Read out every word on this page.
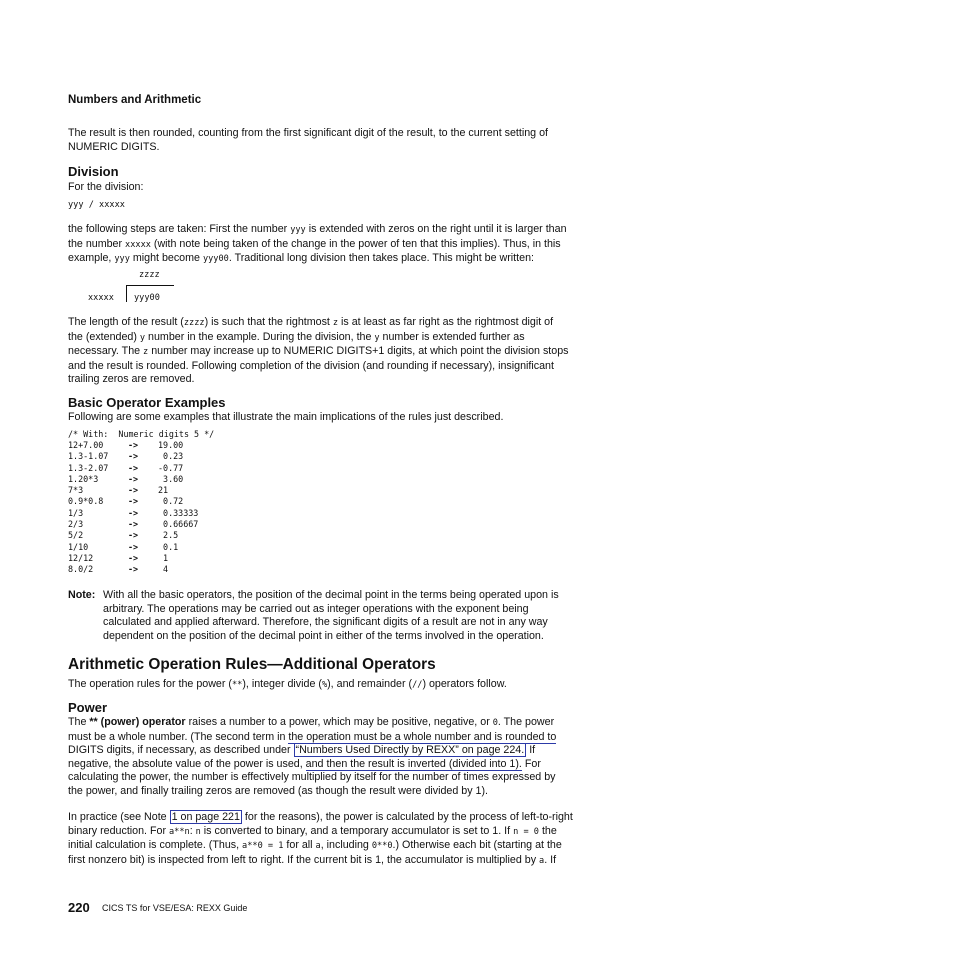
Numbers and Arithmetic
The result is then rounded, counting from the first significant digit of the result, to the current setting of
NUMERIC DIGITS.
Division
For the division:
yyy / xxxxx
the following steps are taken: First the number yyy is extended with zeros on the right until it is larger than
the number xxxxx (with note being taken of the change in the power of ten that this implies). Thus, in this
example, yyy might become yyy00. Traditional long division then takes place. This might be written:
zzzz
xxxxx yyy00
The length of the result (zzzz) is such that the rightmost z is at least as far right as the rightmost digit of
the (extended) y number in the example. During the division, the y number is extended further as
necessary. The z number may increase up to NUMERIC DIGITS+1 digits, at which point the division stops
and the result is rounded. Following completion of the division (and rounding if necessary), insignificant
trailing zeros are removed.
Basic Operator Examples
Following are some examples that illustrate the main implications of the rules just described.
/* With:  Numeric digits 5 */
12+7.00	-> 19.00
1.3-1.07 -> 0.23
1.3-2.07 -> -0.77
1.20*3	-> 3.60
7*3	-> 21
0.9*0.8	-> 0.72
1/3	-> 0.33333
2/3	-> 0.66667
5/2	-> 2.5
1/10	-> 0.1
12/12	-> 1
8.0/2	-> 4
Note: With all the basic operators, the position of the decimal point in the terms being operated upon is
arbitrary. The operations may be carried out as integer operations with the exponent being
calculated and applied afterward. Therefore, the significant digits of a result are not in any way
dependent on the position of the decimal point in either of the terms involved in the operation.
Arithmetic Operation Rules—Additional Operators
The operation rules for the power (**), integer divide (%), and remainder (//) operators follow.
Power
The ** (power) operator raises a number to a power, which may be positive, negative, or 0. The power
must be a whole number. (The second term in the operation must be a whole number and is rounded to
DIGITS digits, if necessary, as described under “Numbers Used Directly by REXX” on page 224. If
negative, the absolute value of the power is used, and then the result is inverted (divided into 1). For
calculating the power, the number is effectively multiplied by itself for the number of times expressed by
the power, and finally trailing zeros are removed (as though the result were divided by 1).
In practice (see Note 1 on page 221 for the reasons), the power is calculated by the process of left-to-right
binary reduction. For a**n: n is converted to binary, and a temporary accumulator is set to 1. If n = 0 the
initial calculation is complete. (Thus, a**0 = 1 for all a, including 0**0.) Otherwise each bit (starting at the
first nonzero bit) is inspected from left to right. If the current bit is 1, the accumulator is multiplied by a. If
220 CICS TS for VSE/ESA: REXX Guide
